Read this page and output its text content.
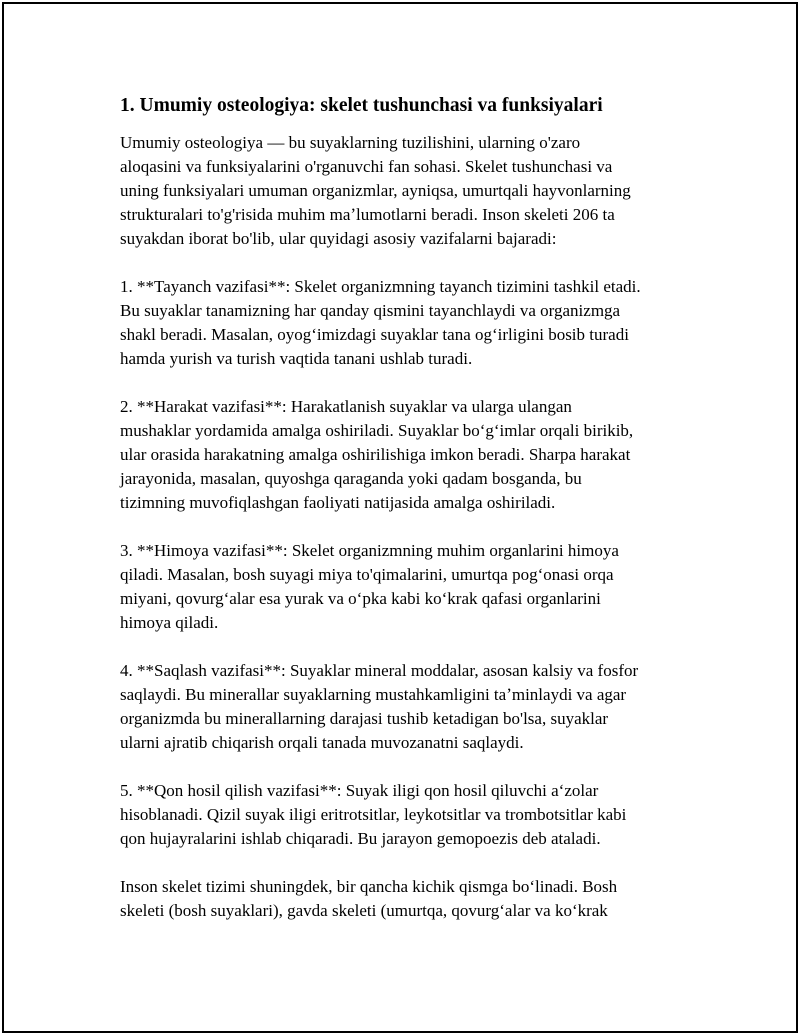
1. Umumiy osteologiya: skelet tushunchasi va funksiyalari
Umumiy osteologiya — bu suyaklarning tuzilishini, ularning o'zaro
aloqasini va funksiyalarini o'rganuvchi fan sohasi. Skelet tushunchasi va
uning funksiyalari umuman organizmlar, ayniqsa, umurtqali hayvonlarning
strukturalari to'g'risida muhim maʼlumotlarni beradi. Inson skeleti 206 ta
suyakdan iborat bo'lib, ular quyidagi asosiy vazifalarni bajaradi:
1. **Tayanch vazifasi**: Skelet organizmning tayanch tizimini tashkil etadi.
Bu suyaklar tanamizning har qanday qismini tayanchlaydi va organizmga
shakl beradi. Masalan, oyogʻimizdagi suyaklar tana ogʻirligini bosib turadi
hamda yurish va turish vaqtida tanani ushlab turadi.
2. **Harakat vazifasi**: Harakatlanish suyaklar va ularga ulangan
mushaklar yordamida amalga oshiriladi. Suyaklar boʻgʻimlar orqali birikib,
ular orasida harakatning amalga oshirilishiga imkon beradi. Sharpa harakat
jarayonida, masalan, quyoshga qaraganda yoki qadam bosganda, bu
tizimning muvofiqlashgan faoliyati natijasida amalga oshiriladi.
3. **Himoya vazifasi**: Skelet organizmning muhim organlarini himoya
qiladi. Masalan, bosh suyagi miya to'qimalarini, umurtqa pogʻonasi orqa
miyani, qovurgʻalar esa yurak va oʻpka kabi koʻkrak qafasi organlarini
himoya qiladi.
4. **Saqlash vazifasi**: Suyaklar mineral moddalar, asosan kalsiy va fosfor
saqlaydi. Bu minerallar suyaklarning mustahkamligini taʼminlaydi va agar
organizmda bu minerallarning darajasi tushib ketadigan bo'lsa, suyaklar
ularni ajratib chiqarish orqali tanada muvozanatni saqlaydi.
5. **Qon hosil qilish vazifasi**: Suyak iligi qon hosil qiluvchi aʻzolar
hisoblanadi. Qizil suyak iligi eritrotsitlar, leykotsitlar va trombotsitlar kabi
qon hujayralarini ishlab chiqaradi. Bu jarayon gemopoezis deb ataladi.
Inson skelet tizimi shuningdek, bir qancha kichik qismga boʻlinadi. Bosh
skeleti (bosh suyaklari), gavda skeleti (umurtqa, qovurgʻalar va koʻkrak
